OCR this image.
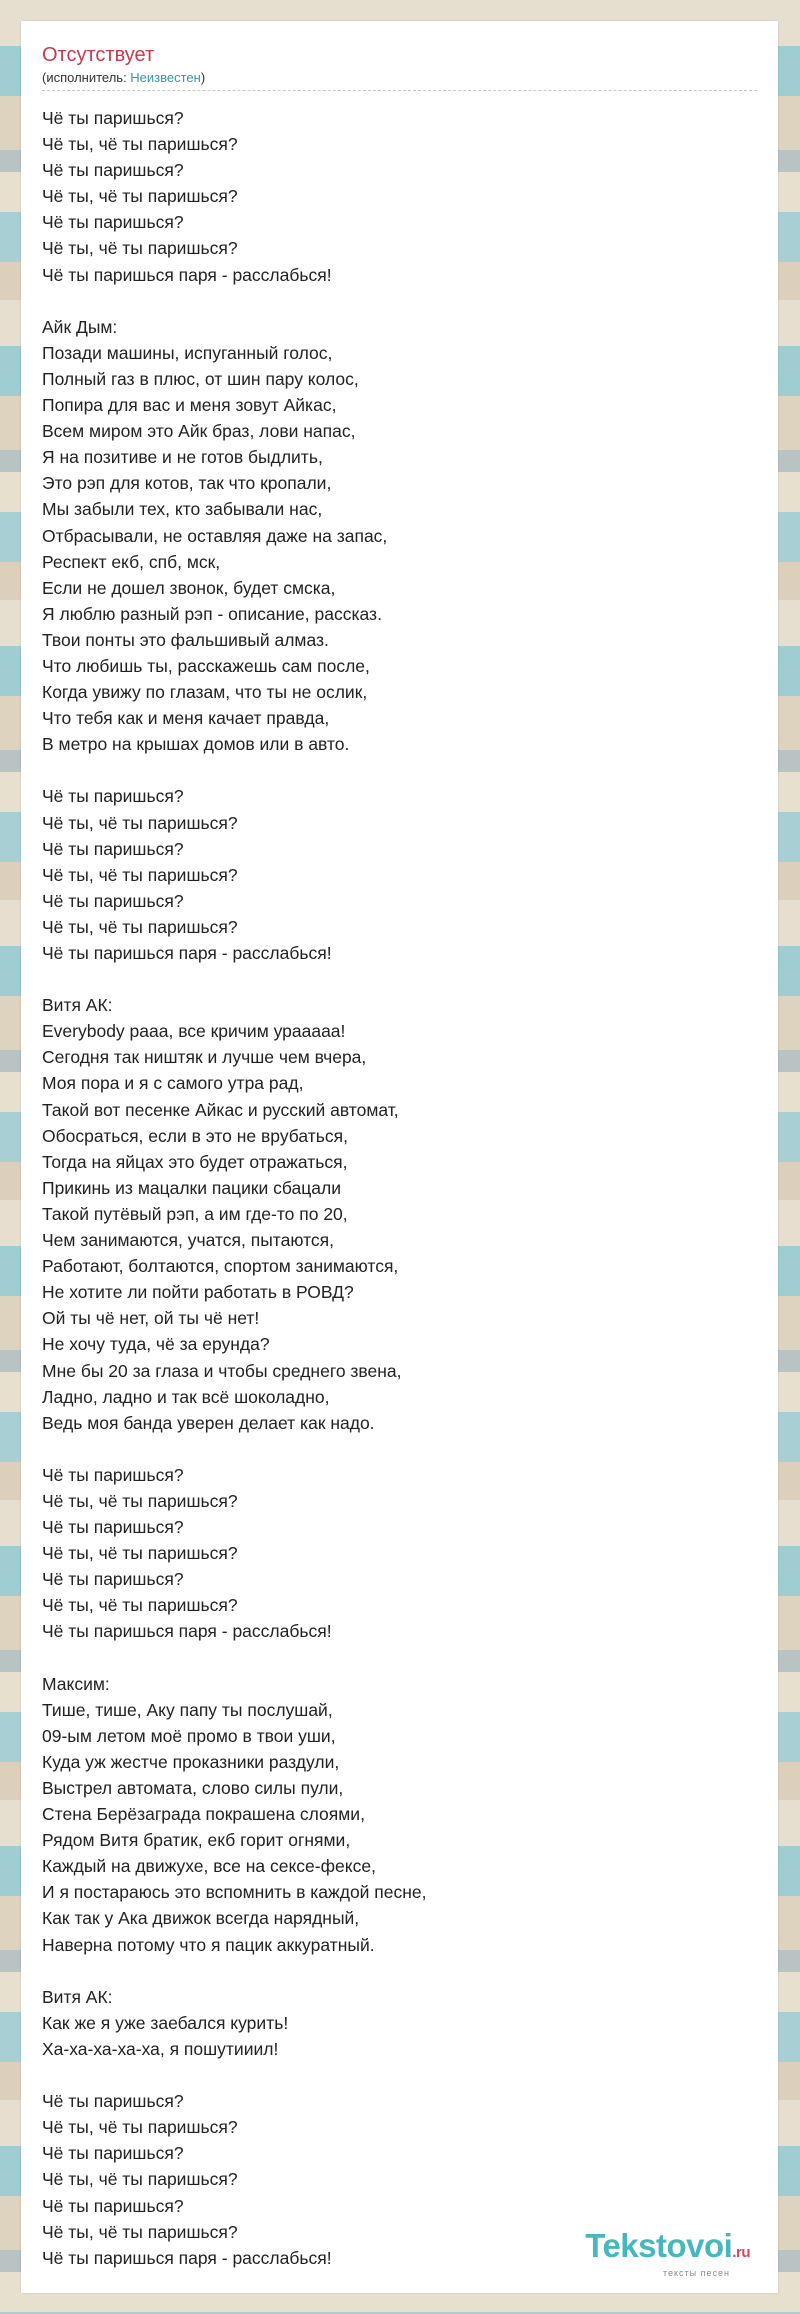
Отсутствует
(исполнитель: Неизвестен)
Чё ты паришься?
Чё ты, чё ты паришься?
Чё ты паришься?
Чё ты, чё ты паришься?
Чё ты паришься?
Чё ты, чё ты паришься?
Чё ты паришься паря - расслабься!

Айк Дым:
Позади машины, испуганный голос,
Полный газ в плюс, от шин пару колос,
Попира для вас и меня зовут Айкас,
Всем миром это Айк браз, лови напас,
Я на позитиве и не готов быдлить,
Это рэп для котов, так что кропали,
Мы забыли тех, кто забывали нас,
Отбрасывали, не оставляя даже на запас,
Респект екб, спб, мск,
Если не дошел звонок, будет смска,
Я люблю разный рэп - описание, рассказ.
Твои понты это фальшивый алмаз.
Что любишь ты, расскажешь сам после,
Когда увижу по глазам, что ты не ослик,
Что тебя как и меня качает правда,
В метро на крышах домов или в авто.

Чё ты паришься?
Чё ты, чё ты паришься?
Чё ты паришься?
Чё ты, чё ты паришься?
Чё ты паришься?
Чё ты, чё ты паришься?
Чё ты паришься паря - расслабься!

Витя АК:
Everybody рааа, все кричим урааааа!
Сегодня так ништяк и лучше чем вчера,
Моя пора и я с самого утра рад,
Такой вот песенке Айкас и русский автомат,
Обосраться, если в это не врубаться,
Тогда на яйцах это будет отражаться,
Прикинь из мацалки пацики сбацали
Такой путёвый рэп, а им где-то по 20,
Чем занимаются, учатся, пытаются,
Работают, болтаются, спортом занимаются,
Не хотите ли пойти работать в РОВД?
Ой ты чё нет, ой ты чё нет!
Не хочу туда, чё за ерунда?
Мне бы 20 за глаза и чтобы среднего звена,
Ладно, ладно и так всё шоколадно,
Ведь моя банда уверен делает как надо.

Чё ты паришься?
Чё ты, чё ты паришься?
Чё ты паришься?
Чё ты, чё ты паришься?
Чё ты паришься?
Чё ты, чё ты паришься?
Чё ты паришься паря - расслабься!

Максим:
Тише, тише, Аку папу ты послушай,
09-ым летом моё промо в твои уши,
Куда уж жестче проказники раздули,
Выстрел автомата, слово силы пули,
Стена Берёзаграда покрашена слоями,
Рядом Витя братик, екб горит огнями,
Каждый на движухе, все на сексе-фексе,
И я постараюсь это вспомнить в каждой песне,
Как так у Ака движок всегда нарядный,
Наверна потому что я пацик аккуратный.

Витя АК:
Как же я уже заебался курить!
Ха-ха-ха-ха-ха, я пошутииил!

Чё ты паришься?
Чё ты, чё ты паришься?
Чё ты паришься?
Чё ты, чё ты паришься?
Чё ты паришься?
Чё ты, чё ты паришься?
Чё ты паришься паря - расслабься!	Tekstovoi.ru
тексты песен
